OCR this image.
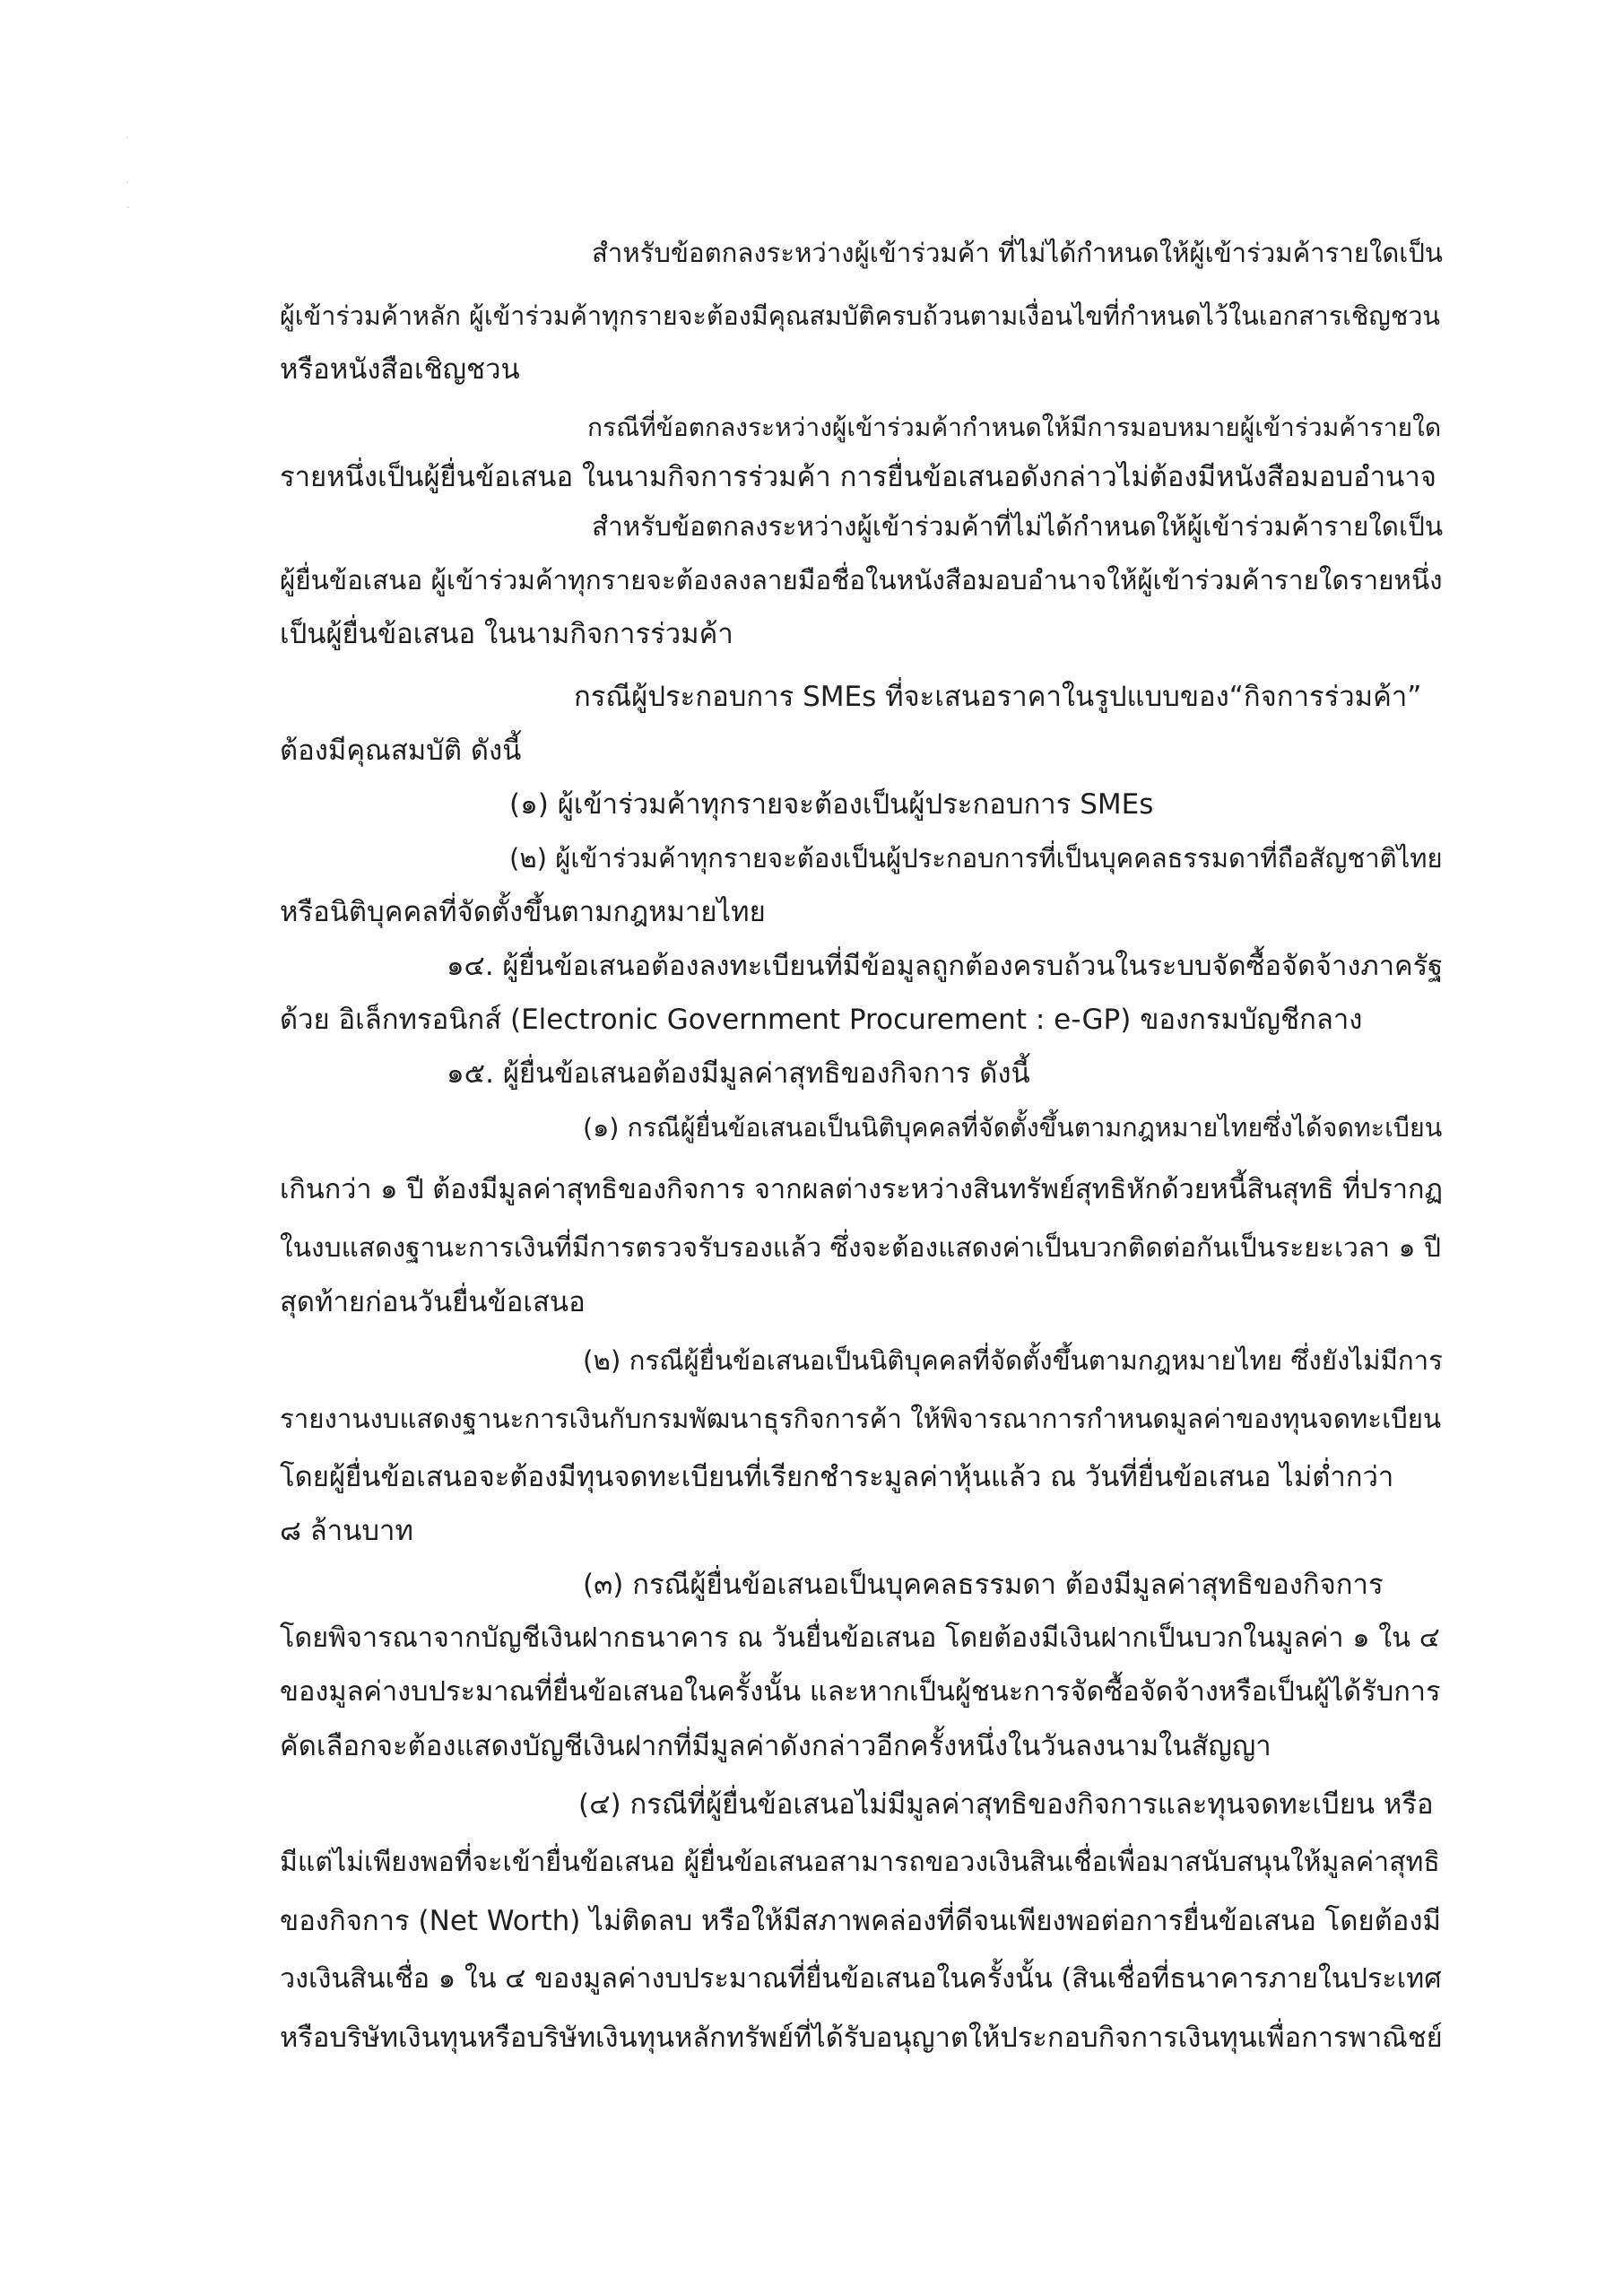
.
.
-
สำหรับข้อตกลงระหว่างผู้เข้าร่วมค้า ที่ไม่ได้กำหนดให้ผู้เข้าร่วมค้ารายใดเป็น
ผู้เข้าร่วมค้าหลัก ผู้เข้าร่วมค้าทุกรายจะต้องมีคุณสมบัติครบถ้วนตามเงื่อนไขที่กำหนดไว้ในเอกสารเชิญชวน
หรือหนังสือเชิญชวน
กรณีที่ข้อตกลงระหว่างผู้เข้าร่วมค้ากำหนดให้มีการมอบหมายผู้เข้าร่วมค้ารายใด
รายหนึ่งเป็นผู้ยื่นข้อเสนอ ในนามกิจการร่วมค้า การยื่นข้อเสนอดังกล่าวไม่ต้องมีหนังสือมอบอำนาจ
สำหรับข้อตกลงระหว่างผู้เข้าร่วมค้าที่ไม่ได้กำหนดให้ผู้เข้าร่วมค้ารายใดเป็น
ผู้ยื่นข้อเสนอ ผู้เข้าร่วมค้าทุกรายจะต้องลงลายมือชื่อในหนังสือมอบอำนาจให้ผู้เข้าร่วมค้ารายใดรายหนึ่ง
เป็นผู้ยื่นข้อเสนอ ในนามกิจการร่วมค้า
กรณีผู้ประกอบการ SMEs ที่จะเสนอราคาในรูปแบบของ“กิจการร่วมค้า”
ต้องมีคุณสมบัติ ดังนี้
(๑) ผู้เข้าร่วมค้าทุกรายจะต้องเป็นผู้ประกอบการ SMEs
(๒) ผู้เข้าร่วมค้าทุกรายจะต้องเป็นผู้ประกอบการที่เป็นบุคคลธรรมดาที่ถือสัญชาติไทย
หรือนิติบุคคลที่จัดตั้งขึ้นตามกฎหมายไทย
๑๔. ผู้ยื่นข้อเสนอต้องลงทะเบียนที่มีข้อมูลถูกต้องครบถ้วนในระบบจัดซื้อจัดจ้างภาครัฐ
ด้วย อิเล็กทรอนิกส์ (Electronic Government Procurement : e-GP) ของกรมบัญชีกลาง
๑๕. ผู้ยื่นข้อเสนอต้องมีมูลค่าสุทธิของกิจการ ดังนี้
(๑) กรณีผู้ยื่นข้อเสนอเป็นนิติบุคคลที่จัดตั้งขึ้นตามกฎหมายไทยซึ่งได้จดทะเบียน
เกินกว่า ๑ ปี ต้องมีมูลค่าสุทธิของกิจการ จากผลต่างระหว่างสินทรัพย์สุทธิหักด้วยหนี้สินสุทธิ ที่ปรากฏ
ในงบแสดงฐานะการเงินที่มีการตรวจรับรองแล้ว ซึ่งจะต้องแสดงค่าเป็นบวกติดต่อกันเป็นระยะเวลา ๑ ปี
สุดท้ายก่อนวันยื่นข้อเสนอ
(๒) กรณีผู้ยื่นข้อเสนอเป็นนิติบุคคลที่จัดตั้งขึ้นตามกฎหมายไทย ซึ่งยังไม่มีการ
รายงานงบแสดงฐานะการเงินกับกรมพัฒนาธุรกิจการค้า ให้พิจารณาการกำหนดมูลค่าของทุนจดทะเบียน
โดยผู้ยื่นข้อเสนอจะต้องมีทุนจดทะเบียนที่เรียกชำระมูลค่าหุ้นแล้ว ณ วันที่ยื่นข้อเสนอ ไม่ต่ำกว่า
๘ ล้านบาท
(๓) กรณีผู้ยื่นข้อเสนอเป็นบุคคลธรรมดา ต้องมีมูลค่าสุทธิของกิจการ
โดยพิจารณาจากบัญชีเงินฝากธนาคาร ณ วันยื่นข้อเสนอ โดยต้องมีเงินฝากเป็นบวกในมูลค่า ๑ ใน ๔
ของมูลค่างบประมาณที่ยื่นข้อเสนอในครั้งนั้น และหากเป็นผู้ชนะการจัดซื้อจัดจ้างหรือเป็นผู้ได้รับการ
คัดเลือกจะต้องแสดงบัญชีเงินฝากที่มีมูลค่าดังกล่าวอีกครั้งหนึ่งในวันลงนามในสัญญา
(๔) กรณีที่ผู้ยื่นข้อเสนอไม่มีมูลค่าสุทธิของกิจการและทุนจดทะเบียน หรือ
มีแต่ไม่เพียงพอที่จะเข้ายื่นข้อเสนอ ผู้ยื่นข้อเสนอสามารถขอวงเงินสินเชื่อเพื่อมาสนับสนุนให้มูลค่าสุทธิ
ของกิจการ (Net Worth) ไม่ติดลบ หรือให้มีสภาพคล่องที่ดีจนเพียงพอต่อการยื่นข้อเสนอ โดยต้องมี
วงเงินสินเชื่อ ๑ ใน ๔ ของมูลค่างบประมาณที่ยื่นข้อเสนอในครั้งนั้น (สินเชื่อที่ธนาคารภายในประเทศ
หรือบริษัทเงินทุนหรือบริษัทเงินทุนหลักทรัพย์ที่ได้รับอนุญาตให้ประกอบกิจการเงินทุนเพื่อการพาณิชย์
